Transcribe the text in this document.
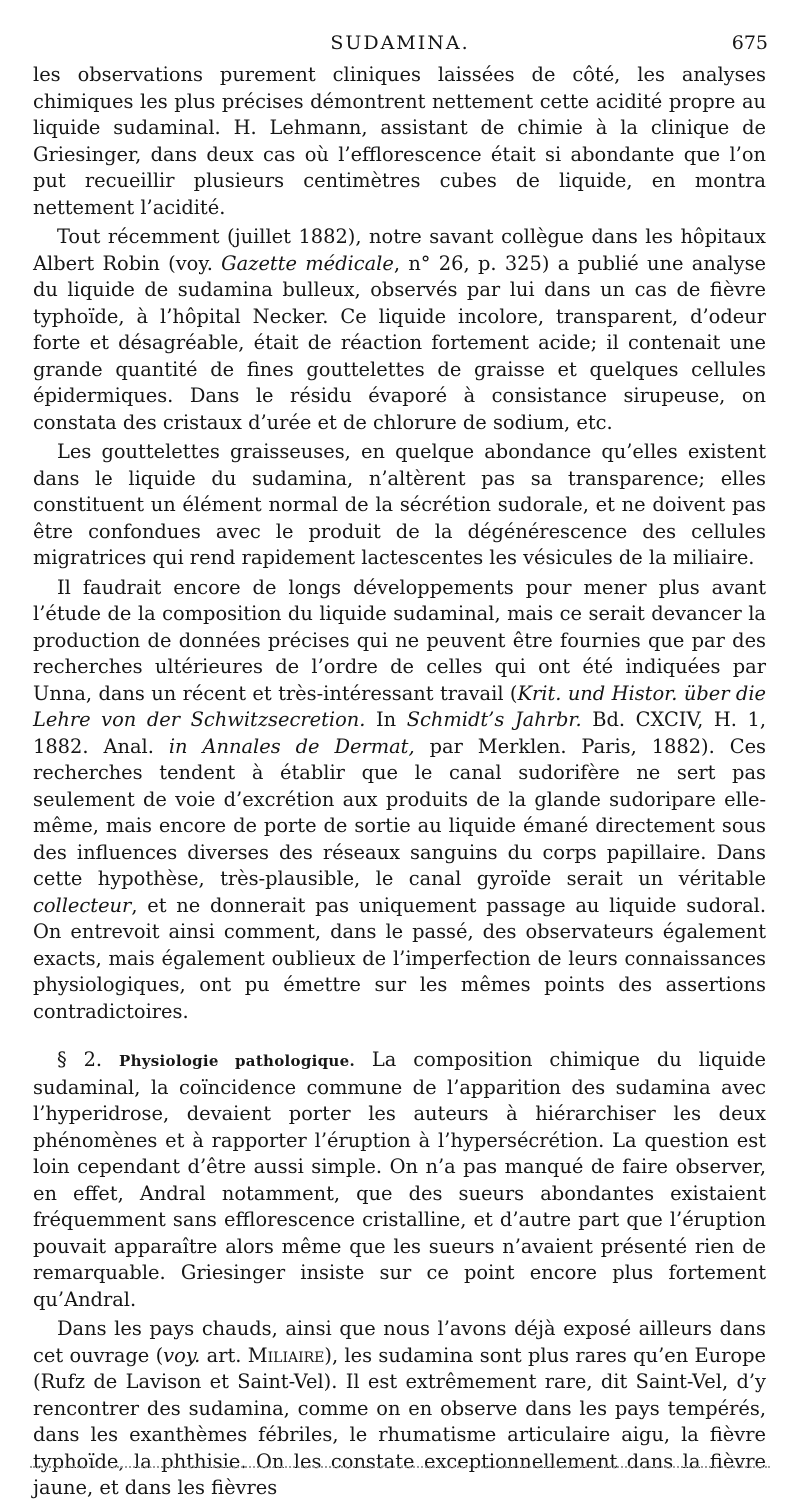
SUDAMINA.	675

les observations purement cliniques laissées de côté, les analyses chimiques les plus précises démontrent nettement cette acidité propre au liquide sudaminal. H. Lehmann, assistant de chimie à la clinique de Griesinger, dans deux cas où l’efflorescence était si abondante que l’on put recueillir plusieurs centimètres cubes de liquide, en montra nettement l’acidité.

Tout récemment (juillet 1882), notre savant collègue dans les hôpitaux Albert Robin (voy. Gazette médicale, n° 26, p. 325) a publié une analyse du liquide de sudamina bulleux, observés par lui dans un cas de fièvre typhoïde, à l’hôpital Necker. Ce liquide incolore, transparent, d’odeur forte et désagréable, était de réaction fortement acide; il contenait une grande quantité de fines gouttelettes de graisse et quelques cellules épidermiques. Dans le résidu évaporé à consistance sirupeuse, on constata des cristaux d’urée et de chlorure de sodium, etc.

Les gouttelettes graisseuses, en quelque abondance qu’elles existent dans le liquide du sudamina, n’altèrent pas sa transparence; elles constituent un élément normal de la sécrétion sudorale, et ne doivent pas être confondues avec le produit de la dégénérescence des cellules migratrices qui rend rapidement lactescentes les vésicules de la miliaire.

Il faudrait encore de longs développements pour mener plus avant l’étude de la composition du liquide sudaminal, mais ce serait devancer la production de données précises qui ne peuvent être fournies que par des recherches ultérieures de l’ordre de celles qui ont été indiquées par Unna, dans un récent et très-intéressant travail (Krit. und Histor. über die Lehre von der Schwitzsecretion. In Schmidt’s Jahrbr. Bd. CXCIV, H. 1, 1882. Anal. in Annales de Dermat, par Merklen. Paris, 1882). Ces recherches tendent à établir que le canal sudorifère ne sert pas seulement de voie d’excrétion aux produits de la glande sudoripare elle-même, mais encore de porte de sortie au liquide émané directement sous des influences diverses des réseaux sanguins du corps papillaire. Dans cette hypothèse, très-plausible, le canal gyroïde serait un véritable collecteur, et ne donnerait pas uniquement passage au liquide sudoral. On entrevoit ainsi comment, dans le passé, des observateurs également exacts, mais également oublieux de l’imperfection de leurs connaissances physiologiques, ont pu émettre sur les mêmes points des assertions contradictoires.

§ 2. Physiologie pathologique. La composition chimique du liquide sudaminal, la coïncidence commune de l’apparition des sudamina avec l’hyperidrose, devaient porter les auteurs à hiérarchiser les deux phénomènes et à rapporter l’éruption à l’hypersécrétion. La question est loin cependant d’être aussi simple. On n’a pas manqué de faire observer, en effet, Andral notamment, que des sueurs abondantes existaient fréquemment sans efflorescence cristalline, et d’autre part que l’éruption pouvait apparaître alors même que les sueurs n’avaient présenté rien de remarquable. Griesinger insiste sur ce point encore plus fortement qu’Andral.

Dans les pays chauds, ainsi que nous l’avons déjà exposé ailleurs dans cet ouvrage (voy. art. Miliaire), les sudamina sont plus rares qu’en Europe (Rufz de Lavison et Saint-Vel). Il est extrêmement rare, dit Saint-Vel, d’y rencontrer des sudamina, comme on en observe dans les pays tempérés, dans les exanthèmes fébriles, le rhumatisme articulaire aigu, la fièvre typhoïde, la phthisie. On les constate exceptionnellement dans la fièvre jaune, et dans les fièvres
